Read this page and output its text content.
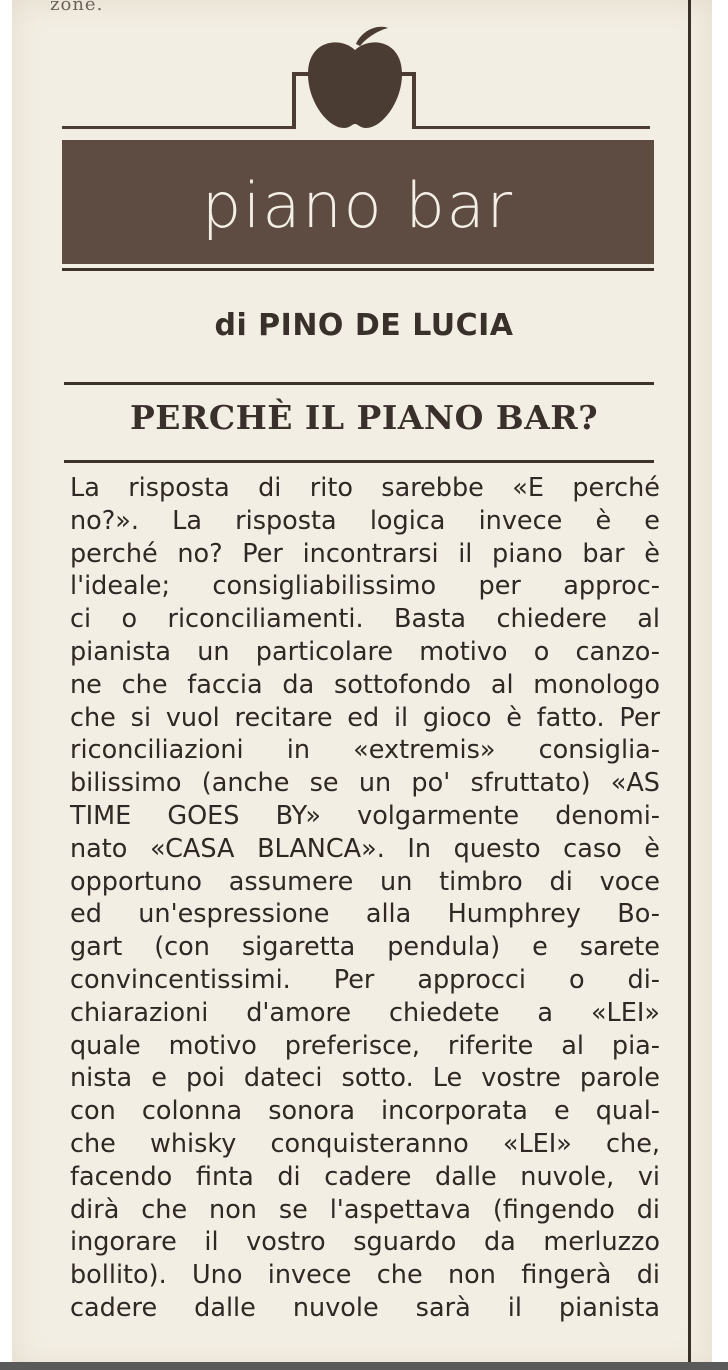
zone.
piano bar
di PINO DE LUCIA
PERCHÈ IL PIANO BAR?
La risposta di rito sarebbe «E perché
no?». La risposta logica invece è e
perché no? Per incontrarsi il piano bar è
l'ideale; consigliabilissimo per approc-
ci o riconciliamenti. Basta chiedere al
pianista un particolare motivo o canzo-
ne che faccia da sottofondo al monologo
che si vuol recitare ed il gioco è fatto. Per
riconciliazioni in «extremis» consiglia-
bilissimo (anche se un po' sfruttato) «AS
TIME GOES BY» volgarmente denomi-
nato «CASA BLANCA». In questo caso è
opportuno assumere un timbro di voce
ed un'espressione alla Humphrey Bo-
gart (con sigaretta pendula) e sarete
convincentissimi. Per approcci o di-
chiarazioni d'amore chiedete a «LEI»
quale motivo preferisce, riferite al pia-
nista e poi dateci sotto. Le vostre parole
con colonna sonora incorporata e qual-
che whisky conquisteranno «LEI» che,
facendo finta di cadere dalle nuvole, vi
dirà che non se l'aspettava (fingendo di
ingorare il vostro sguardo da merluzzo
bollito). Uno invece che non fingerà di
cadere dalle nuvole sarà il pianista
